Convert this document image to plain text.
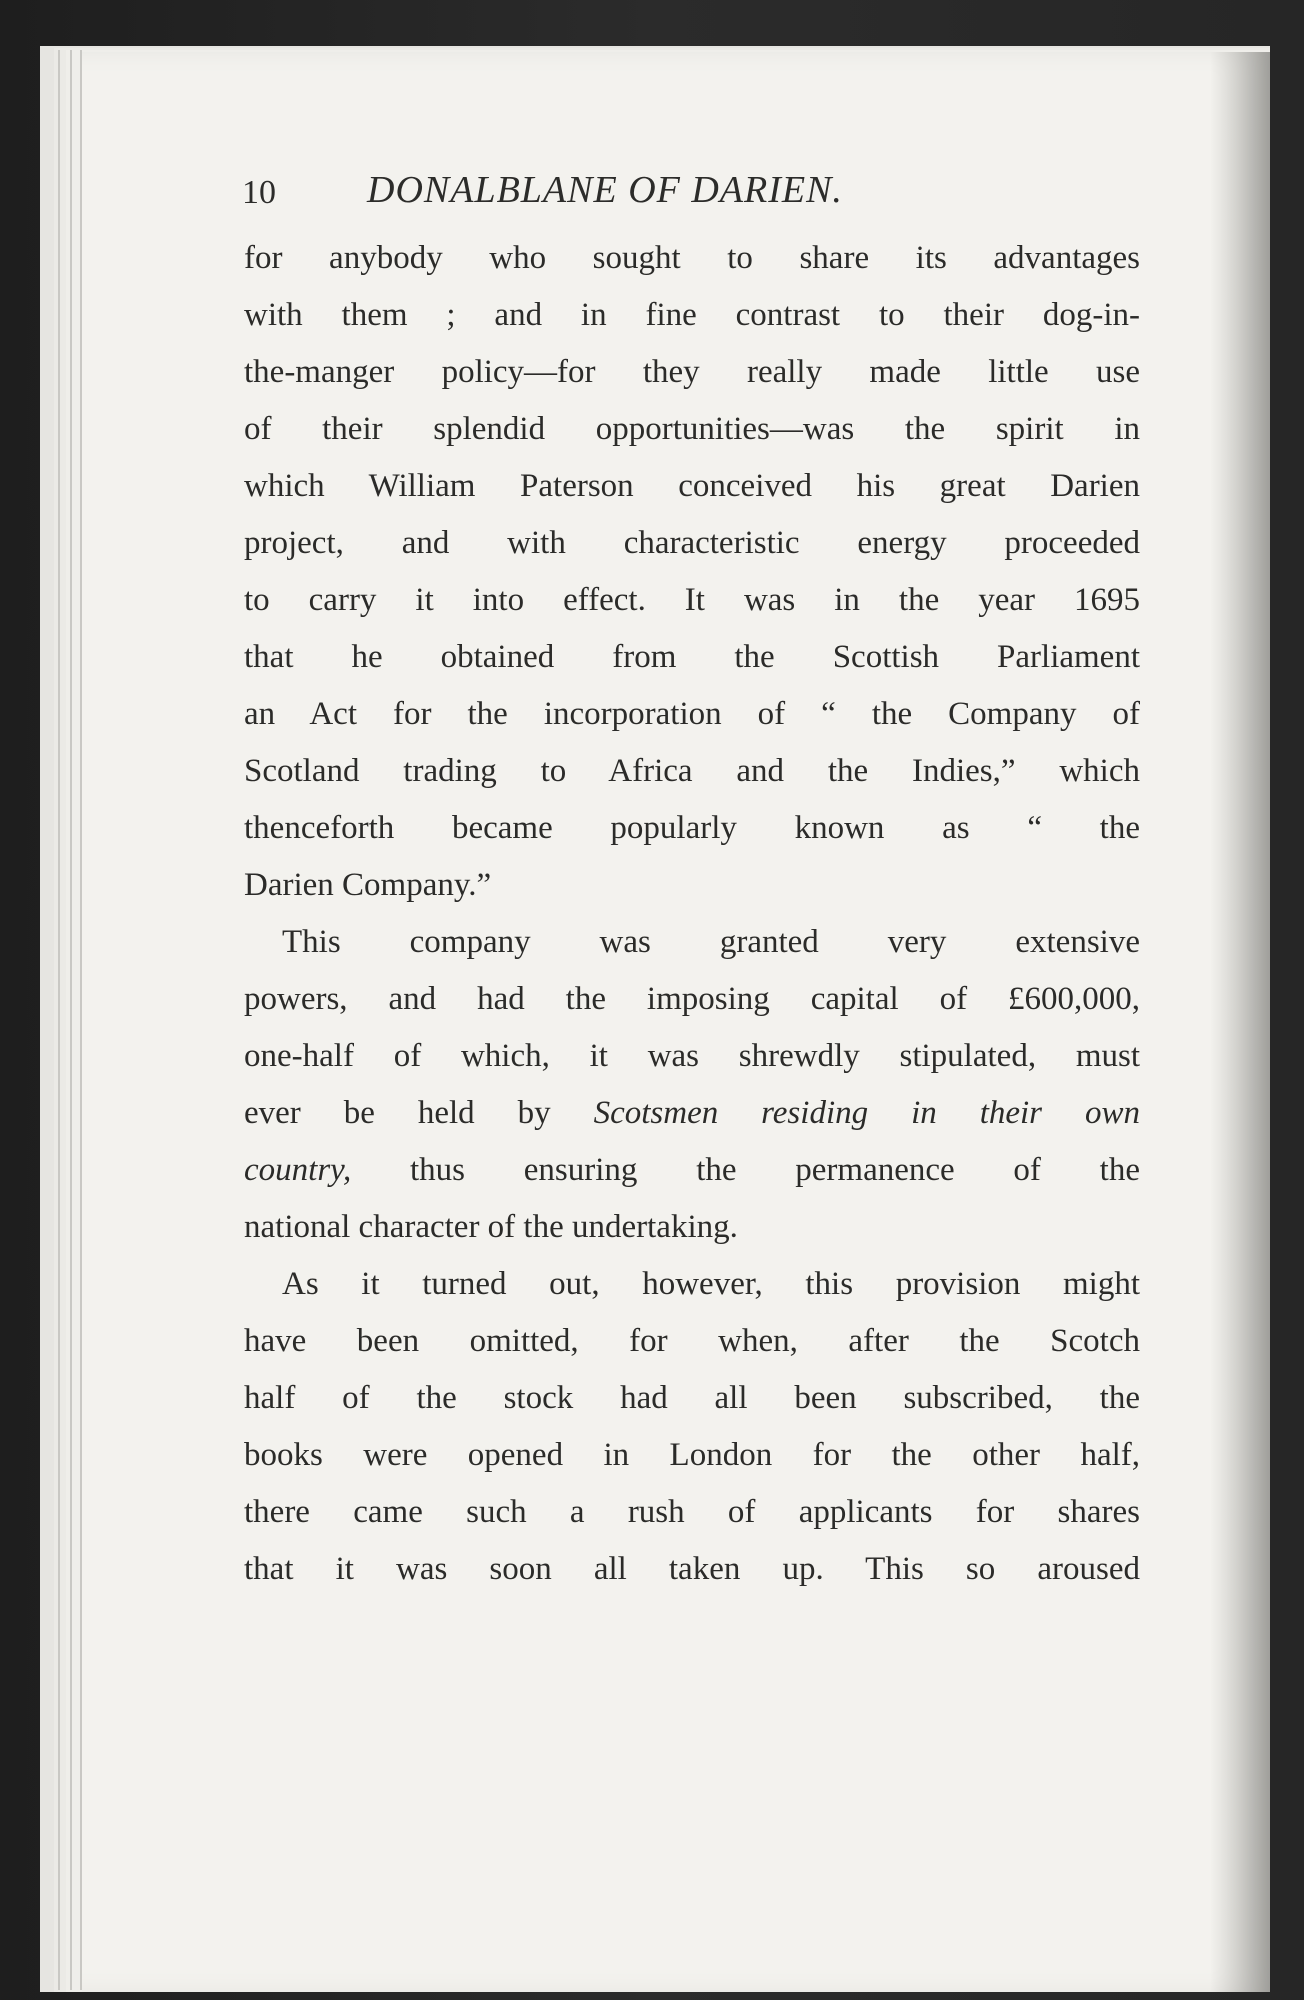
10 DONALBLANE OF DARIEN.
for anybody who sought to share its advantages
with them ; and in fine contrast to their dog-in-
the-manger policy—for they really made little use
of their splendid opportunities—was the spirit in
which William Paterson conceived his great Darien
project, and with characteristic energy proceeded
to carry it into effect. It was in the year 1695
that he obtained from the Scottish Parliament
an Act for the incorporation of “ the Company of
Scotland trading to Africa and the Indies,” which
thenceforth became popularly known as “ the
Darien Company.”
This company was granted very extensive
powers, and had the imposing capital of £600,000,
one-half of which, it was shrewdly stipulated, must
ever be held by Scotsmen residing in their own
country, thus ensuring the permanence of the
national character of the undertaking.
As it turned out, however, this provision might
have been omitted, for when, after the Scotch
half of the stock had all been subscribed, the
books were opened in London for the other half,
there came such a rush of applicants for shares
that it was soon all taken up. This so aroused
